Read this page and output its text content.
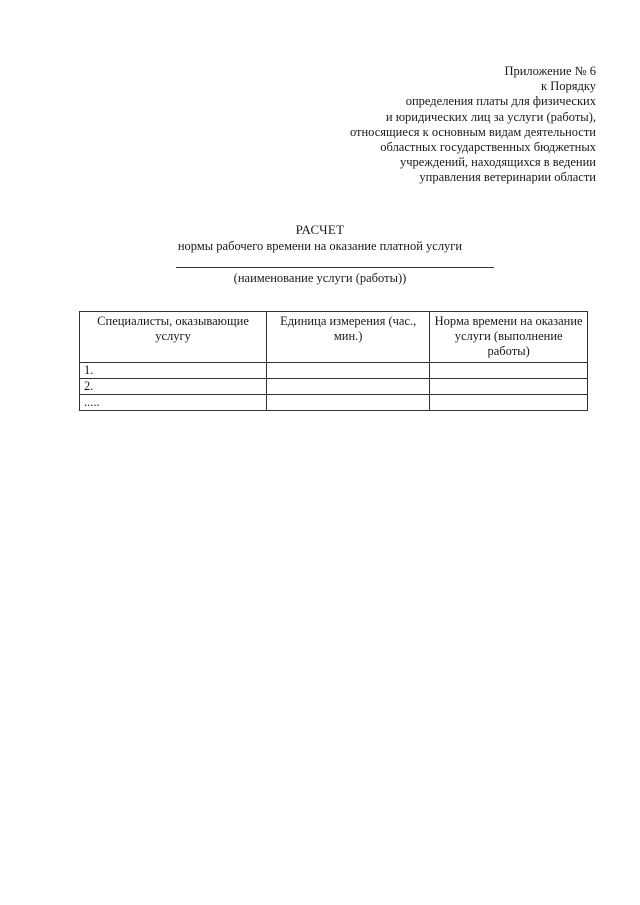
Приложение № 6
к Порядку
определения платы для физических
и юридических лиц за услуги (работы),
относящиеся к основным видам деятельности
областных государственных бюджетных
учреждений, находящихся в ведении
управления ветеринарии области
РАСЧЕТ
нормы рабочего времени на оказание платной услуги
(наименование услуги (работы))
Специалисты, оказывающие услугу	Единица измерения (час., мин.)	Норма времени на оказание услуги (выполнение работы)
1.		
2.		
.....		
